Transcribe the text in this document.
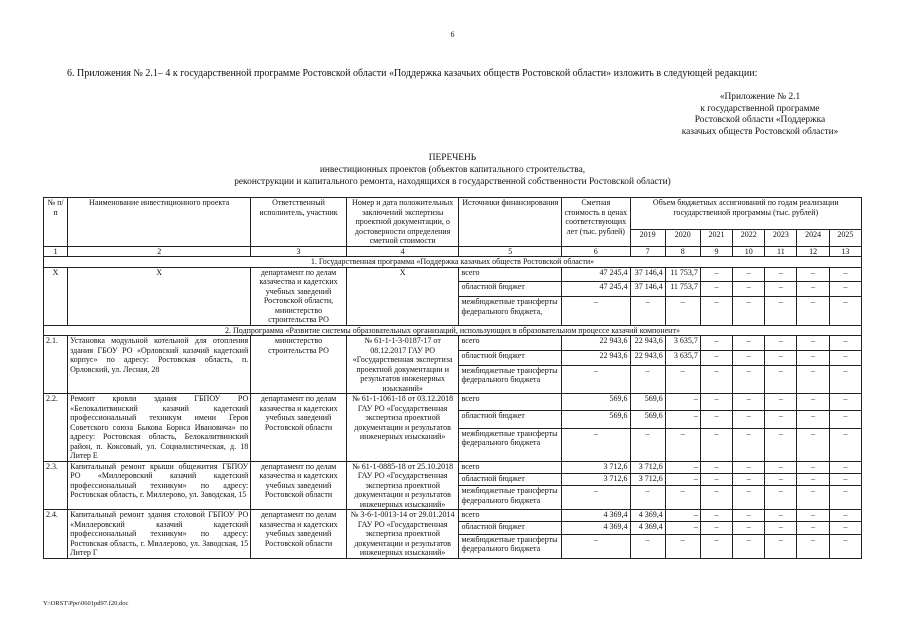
6
6. Приложения № 2.1– 4 к государственной программе Ростовской области «Поддержка казачьих обществ Ростовской области» изложить в следующей редакции:
«Приложение № 2.1
к государственной программе
Ростовской области «Поддержка
казачьих обществ Ростовской области»
ПЕРЕЧЕНЬ
инвестиционных проектов (объектов капитального строительства,
реконструкции и капитального ремонта, находящихся в государственной собственности Ростовской области)
№ п/п	Наименование инвестиционного проекта	Ответственный исполнитель, участник	Номер и дата положительных заключений экспертизы проектной документации, о достоверности определения сметной стоимости	Источники финансирования	Сметная стоимость в ценах соответствующих лет (тыс. рублей)	Объем бюджетных ассигнований по годам реализации государственной программы (тыс. рублей)						
						2019	2020	2021	2022	2023	2024	2025
1	2	3	4	5	6	7	8	9	10	11	12	13
1. Государственная программа «Поддержка казачьих обществ Ростовской области»												
Х	Х	департамент по делам казачества и кадетских учебных заведений Ростовской области, министерство строительства РО	Х	всего	47 245,4	37 146,4	11 753,7	–	–	–	–	–
				областной бюджет	47 245,4	37 146,4	11 753,7	–	–	–	–	–
				межбюджетные трансферты федерального бюджета,	–	–	–	–	–	–	–	–
2. Подпрограмма «Развитие системы образовательных организаций, использующих в образовательном процессе казачий компонент»												
2.1.	Установка модульной котельной для отопления здания ГБОУ РО «Орловский казачий кадетский корпус» по адресу: Ростовская область, п. Орловский, ул. Лесная, 28	министерство строительства РО	№ 61-1-1-3-0187-17 от 08.12.2017 ГАУ РО «Государственная экспертиза проектной документации и результатов инженерных изысканий»	всего	22 943,6	22 943,6	3 635,7	–	–	–	–	–
				областной бюджет	22 943,6	22 943,6	3 635,7	–	–	–	–	–
				межбюджетные трансферты федерального бюджета	–	–	–	–	–	–	–	–
2.2.	Ремонт кровли здания ГБПОУ РО «Белокалитвинский казачий кадетский профессиональный техникум имени Героя Советского союза Быкова Бориса Ивановича» по адресу: Ростовская область, Белокалитвинский район, п. Коксовый, ул. Социалистическая, д. 18 Литер Е	департамент по делам казачества и кадетских учебных заведений Ростовской области	№ 61-1-1061-18 от 03.12.2018 ГАУ РО «Государственная экспертиза проектной документации и результатов инженерных изысканий»	всего	569,6	569,6	–	–	–	–	–	–
				областной бюджет	569,6	569,6	–	–	–	–	–	–
				межбюджетные трансферты федерального бюджета	–	–	–	–	–	–	–	–
2.3.	Капитальный ремонт крыши общежития ГБПОУ РО «Миллеровский казачий кадетский профессиональный техникум» по адресу: Ростовская область, г. Миллерово, ул. Заводская, 15	департамент по делам казачества и кадетских учебных заведений Ростовской области	№ 61-1-0885-18 от 25.10.2018 ГАУ РО «Государственная экспертиза проектной документации и результатов инженерных изысканий»	всего	3 712,6	3 712,6	–	–	–	–	–	–
				областной бюджет	3 712,6	3 712,6	–	–	–	–	–	–
				межбюджетные трансферты федерального бюджета	–	–	–	–	–	–	–	–
2.4.	Капитальный ремонт здания столовой ГБПОУ РО «Миллеровский казачий кадетский профессиональный техникум» по адресу: Ростовская область, г. Миллерово, ул. Заводская, 15 Литер Г	департамент по делам казачества и кадетских учебных заведений Ростовской области	№ 3-6-1-0013-14 от 29.01.2014 ГАУ РО «Государственная экспертиза проектной документации и результатов инженерных изысканий»	всего	4 369,4	4 369,4	–	–	–	–	–	–
				областной бюджет	4 369,4	4 369,4	–	–	–	–	–	–
				межбюджетные трансферты федерального бюджета	–	–	–	–	–	–	–	–
Y:\ORST\Ppo\0601pd97.f20.doc
